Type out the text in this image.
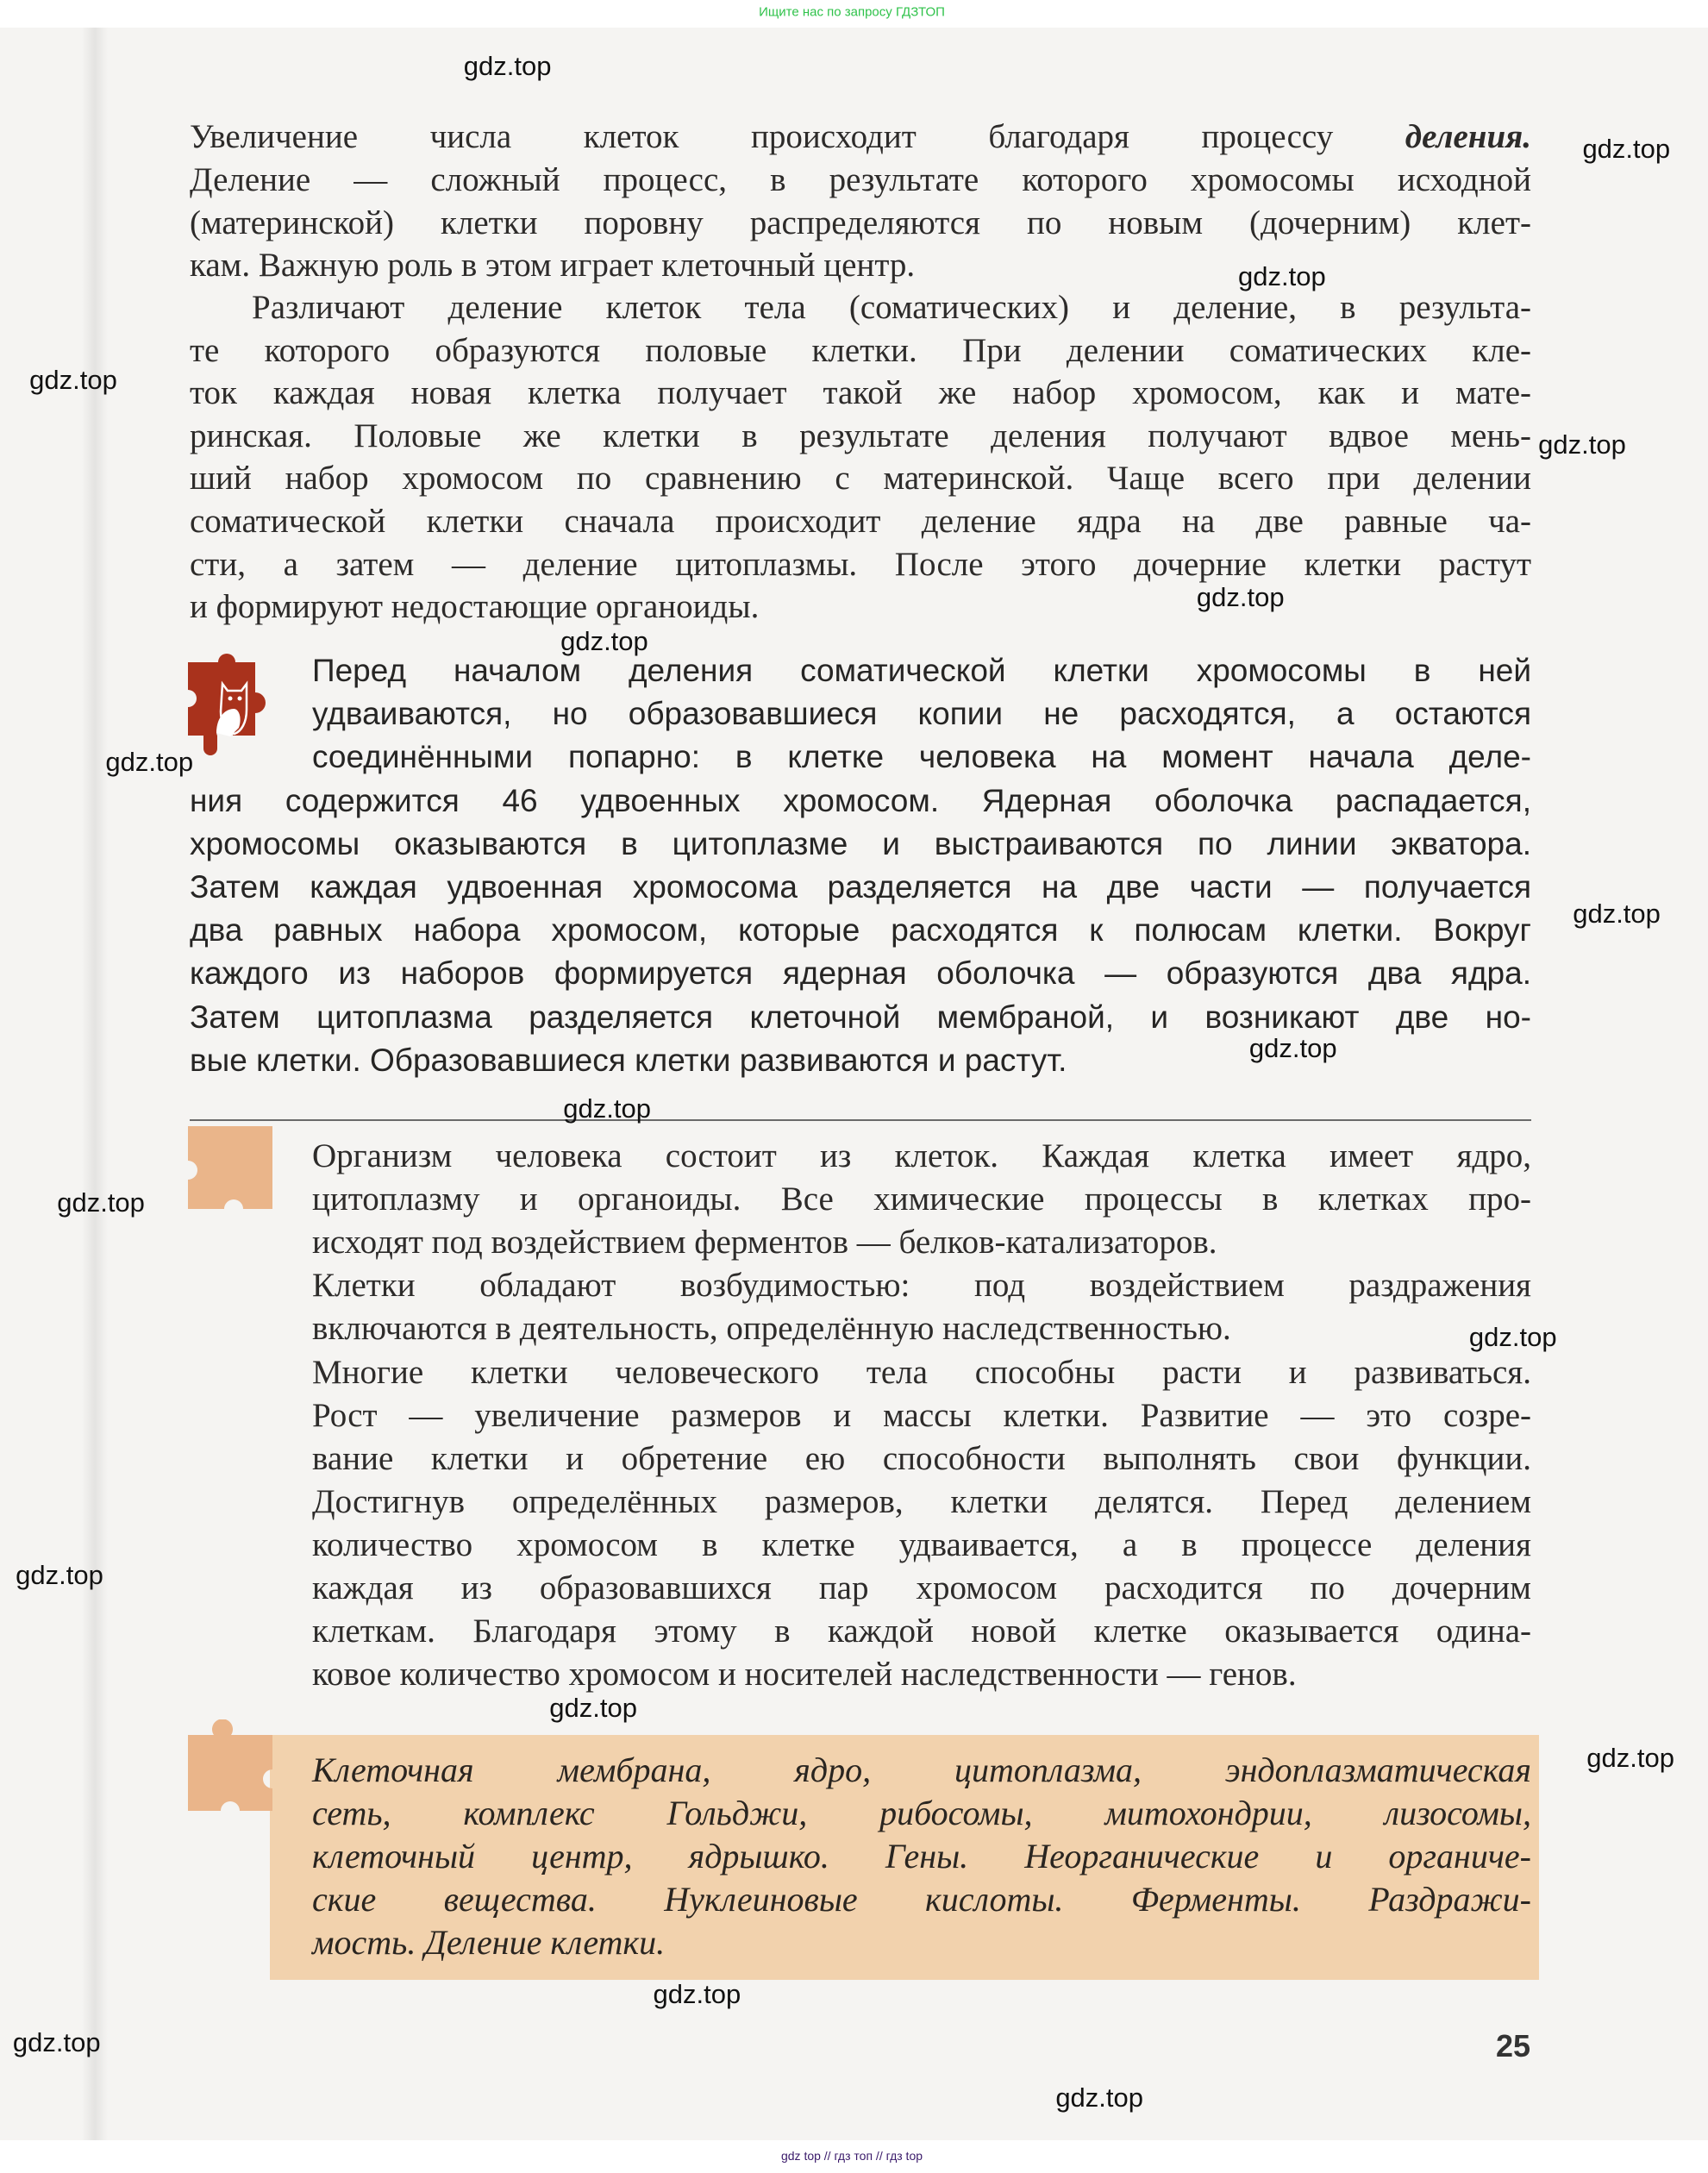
Ищите нас по запросу ГДЗТОП
Увеличение числа клеток происходит благодаря процессу деления.
Деление — сложный процесс, в результате которого хромосомы исходной
(материнской) клетки поровну распределяются по новым (дочерним) клет-
кам. Важную роль в этом играет клеточный центр.
Различают деление клеток тела (соматических) и деление, в результа-
те которого образуются половые клетки. При делении соматических кле-
ток каждая новая клетка получает такой же набор хромосом, как и мате-
ринская. Половые же клетки в результате деления получают вдвое мень-
ший набор хромосом по сравнению с материнской. Чаще всего при делении
соматической клетки сначала происходит деление ядра на две равные ча-
сти, а затем — деление цитоплазмы. После этого дочерние клетки растут
и формируют недостающие органоиды.
Перед началом деления соматической клетки хромосомы в ней
удваиваются, но образовавшиеся копии не расходятся, а остаются
соединёнными попарно: в клетке человека на момент начала деле-
ния содержится 46 удвоенных хромосом. Ядерная оболочка распадается,
хромосомы оказываются в цитоплазме и выстраиваются по линии экватора.
Затем каждая удвоенная хромосома разделяется на две части — получается
два равных набора хромосом, которые расходятся к полюсам клетки. Вокруг
каждого из наборов формируется ядерная оболочка — образуются два ядра.
Затем цитоплазма разделяется клеточной мембраной, и возникают две но-
вые клетки. Образовавшиеся клетки развиваются и растут.
Организм человека состоит из клеток. Каждая клетка имеет ядро,
цитоплазму и органоиды. Все химические процессы в клетках про-
исходят под воздействием ферментов — белков-катализаторов.
Клетки обладают возбудимостью: под воздействием раздражения
включаются в деятельность, определённую наследственностью.
Многие клетки человеческого тела способны расти и развиваться.
Рост — увеличение размеров и массы клетки. Развитие — это созре-
вание клетки и обретение ею способности выполнять свои функции.
Достигнув определённых размеров, клетки делятся. Перед делением
количество хромосом в клетке удваивается, а в процессе деления
каждая из образовавшихся пар хромосом расходится по дочерним
клеткам. Благодаря этому в каждой новой клетке оказывается одина-
ковое количество хромосом и носителей наследственности — генов.
Клеточная мембрана, ядро, цитоплазма, эндоплазматическая
сеть, комплекс Гольджи, рибосомы, митохондрии, лизосомы,
клеточный центр, ядрышко. Гены. Неорганические и органиче-
ские вещества. Нуклеиновые кислоты. Ферменты. Раздражи-
мость. Деление клетки.
25
gdz top // гдз топ // гдз top
gdz.top
gdz.top
gdz.top
gdz.top
gdz.top
gdz.top
gdz.top
gdz.top
gdz.top
gdz.top
gdz.top
gdz.top
gdz.top
gdz.top
gdz.top
gdz.top
gdz.top
gdz.top
gdz.top
